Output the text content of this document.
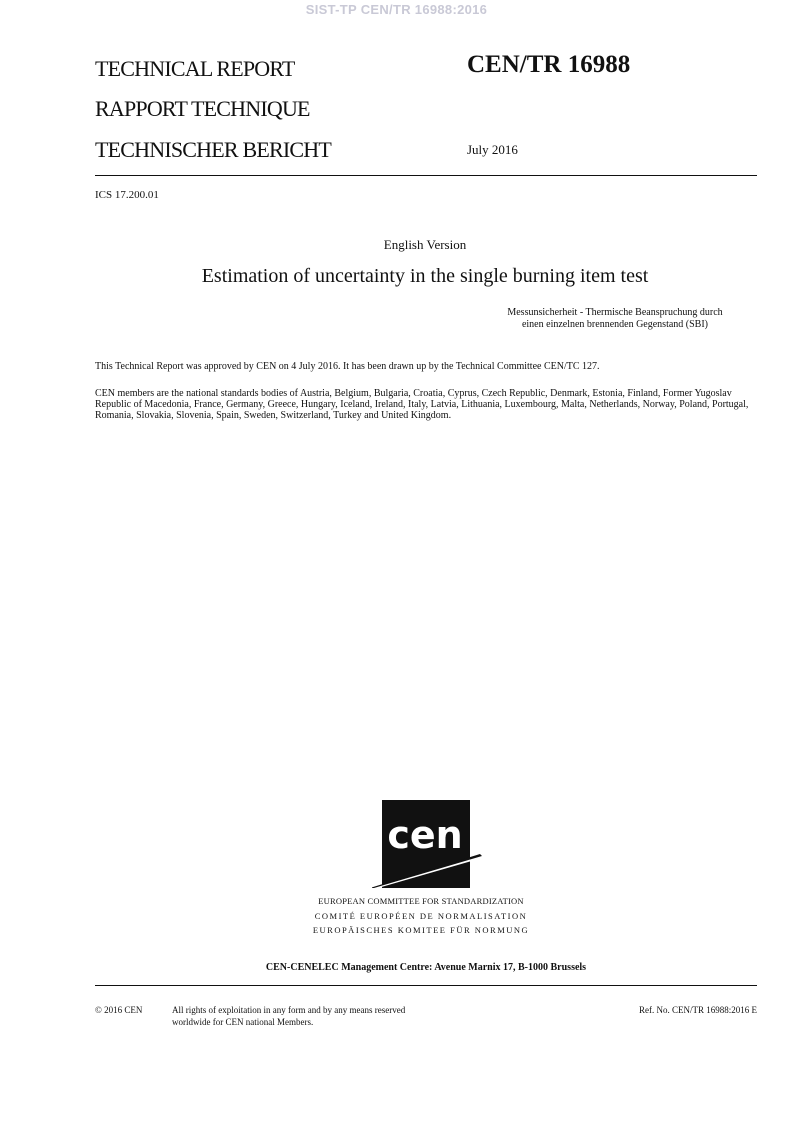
SIST-TP CEN/TR 16988:2016
TECHNICAL REPORT
RAPPORT TECHNIQUE
TECHNISCHER BERICHT
CEN/TR 16988
July 2016
ICS 17.200.01
English Version
Estimation of uncertainty in the single burning item test
Messunsicherheit - Thermische Beanspruchung durch
einen einzelnen brennenden Gegenstand (SBI)
This Technical Report was approved by CEN on 4 July 2016. It has been drawn up by the Technical Committee CEN/TC 127.
CEN members are the national standards bodies of Austria, Belgium, Bulgaria, Croatia, Cyprus, Czech Republic, Denmark, Estonia, Finland, Former Yugoslav Republic of Macedonia, France, Germany, Greece, Hungary, Iceland, Ireland, Italy, Latvia, Lithuania, Luxembourg, Malta, Netherlands, Norway, Poland, Portugal, Romania, Slovakia, Slovenia, Spain, Sweden, Switzerland, Turkey and United Kingdom.
cen
EUROPEAN COMMITTEE FOR STANDARDIZATION
COMITÉ EUROPÉEN DE NORMALISATION
EUROPÄISCHES KOMITEE FÜR NORMUNG
CEN-CENELEC Management Centre: Avenue Marnix 17, B-1000 Brussels
© 2016 CEN	All rights of exploitation in any form and by any means reserved
worldwide for CEN national Members.
Ref. No. CEN/TR 16988:2016 E
